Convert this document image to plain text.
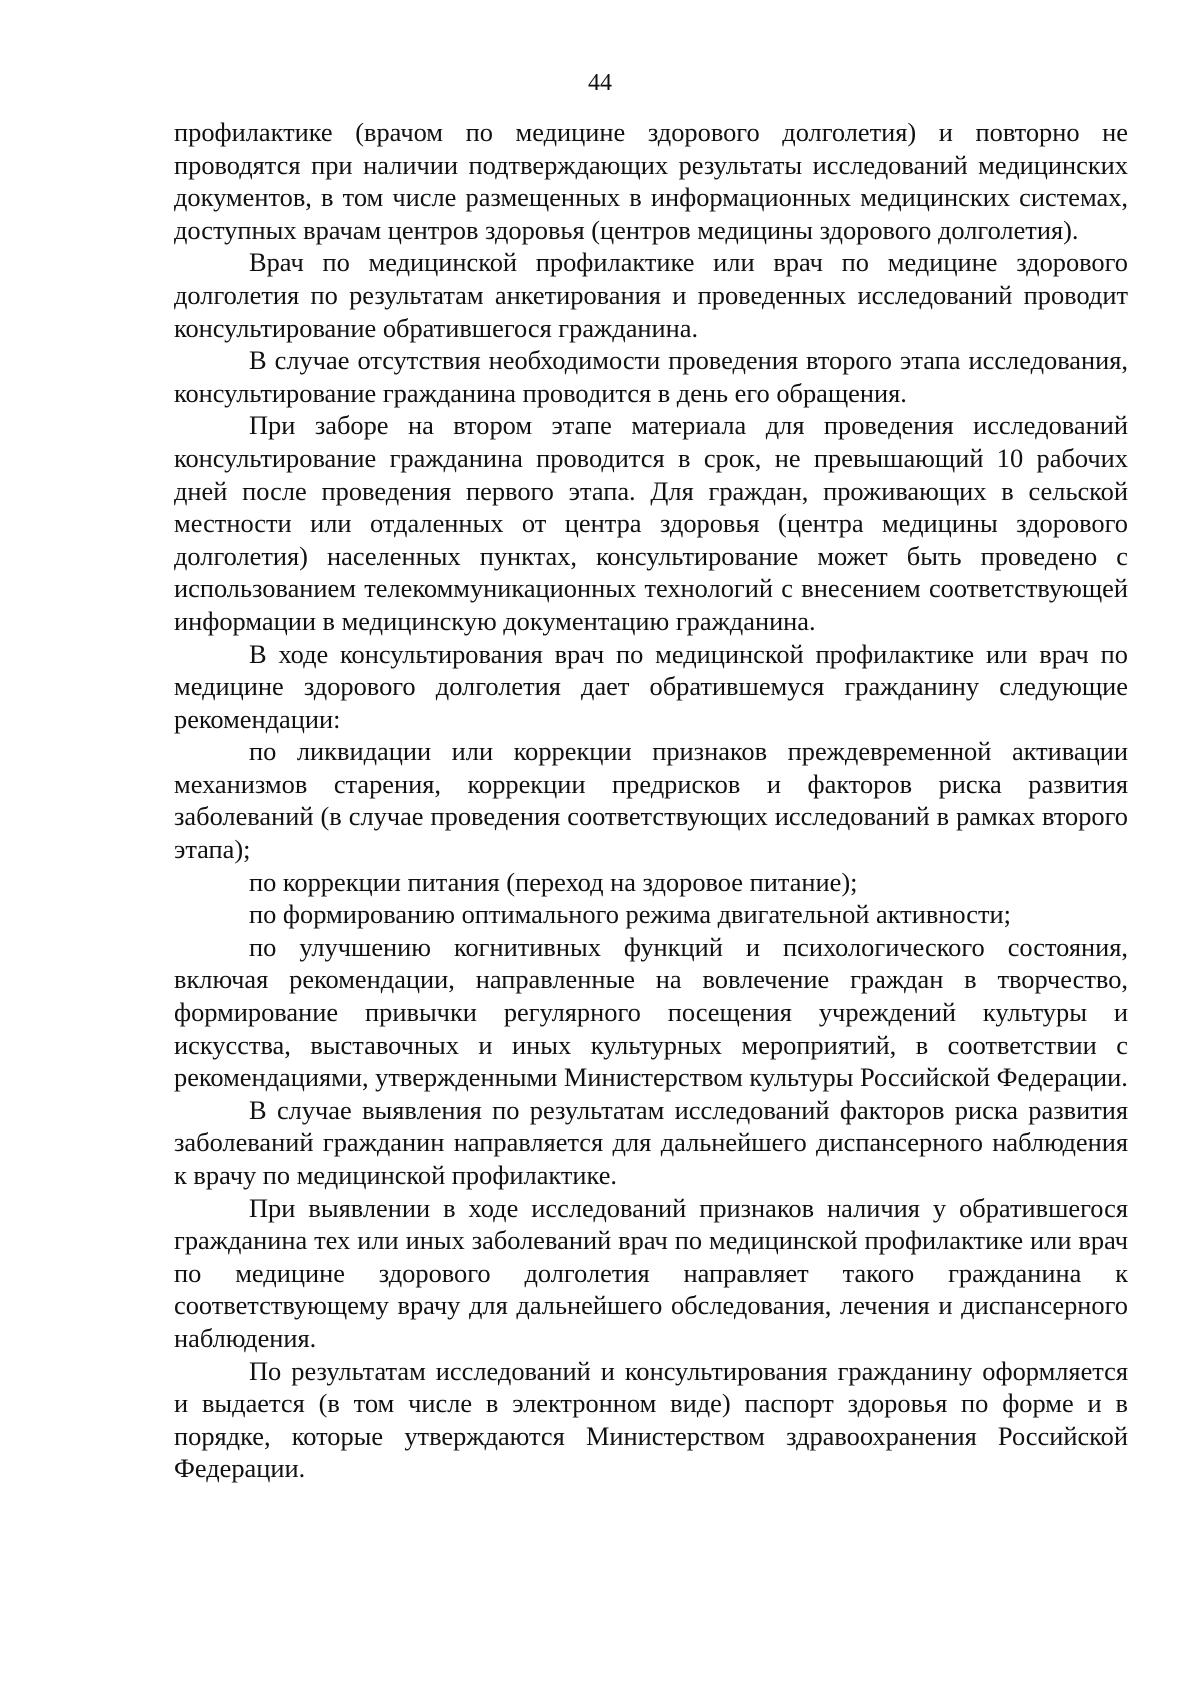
44

профилактике (врачом по медицине здорового долголетия) и повторно не проводятся при наличии подтверждающих результаты исследований медицинских документов, в том числе размещенных в информационных медицинских системах, доступных врачам центров здоровья (центров медицины здорового долголетия).

Врач по медицинской профилактике или врач по медицине здорового долголетия по результатам анкетирования и проведенных исследований проводит консультирование обратившегося гражданина.

В случае отсутствия необходимости проведения второго этапа исследования, консультирование гражданина проводится в день его обращения.

При заборе на втором этапе материала для проведения исследований консультирование гражданина проводится в срок, не превышающий 10 рабочих дней после проведения первого этапа. Для граждан, проживающих в сельской местности или отдаленных от центра здоровья (центра медицины здорового долголетия) населенных пунктах, консультирование может быть проведено с использованием телекоммуникационных технологий с внесением соответствующей информации в медицинскую документацию гражданина.

В ходе консультирования врач по медицинской профилактике или врач по медицине здорового долголетия дает обратившемуся гражданину следующие рекомендации:

по ликвидации или коррекции признаков преждевременной активации механизмов старения, коррекции предрисков и факторов риска развития заболеваний (в случае проведения соответствующих исследований в рамках второго этапа);

по коррекции питания (переход на здоровое питание);

по формированию оптимального режима двигательной активности;

по улучшению когнитивных функций и психологического состояния, включая рекомендации, направленные на вовлечение граждан в творчество, формирование привычки регулярного посещения учреждений культуры и искусства, выставочных и иных культурных мероприятий, в соответствии с рекомендациями, утвержденными Министерством культуры Российской Федерации.

В случае выявления по результатам исследований факторов риска развития заболеваний гражданин направляется для дальнейшего диспансерного наблюдения к врачу по медицинской профилактике.

При выявлении в ходе исследований признаков наличия у обратившегося гражданина тех или иных заболеваний врач по медицинской профилактике или врач по медицине здорового долголетия направляет такого гражданина к соответствующему врачу для дальнейшего обследования, лечения и диспансерного наблюдения.

По результатам исследований и консультирования гражданину оформляется и выдается (в том числе в электронном виде) паспорт здоровья по форме и в порядке, которые утверждаются Министерством здравоохранения Российской Федерации.
